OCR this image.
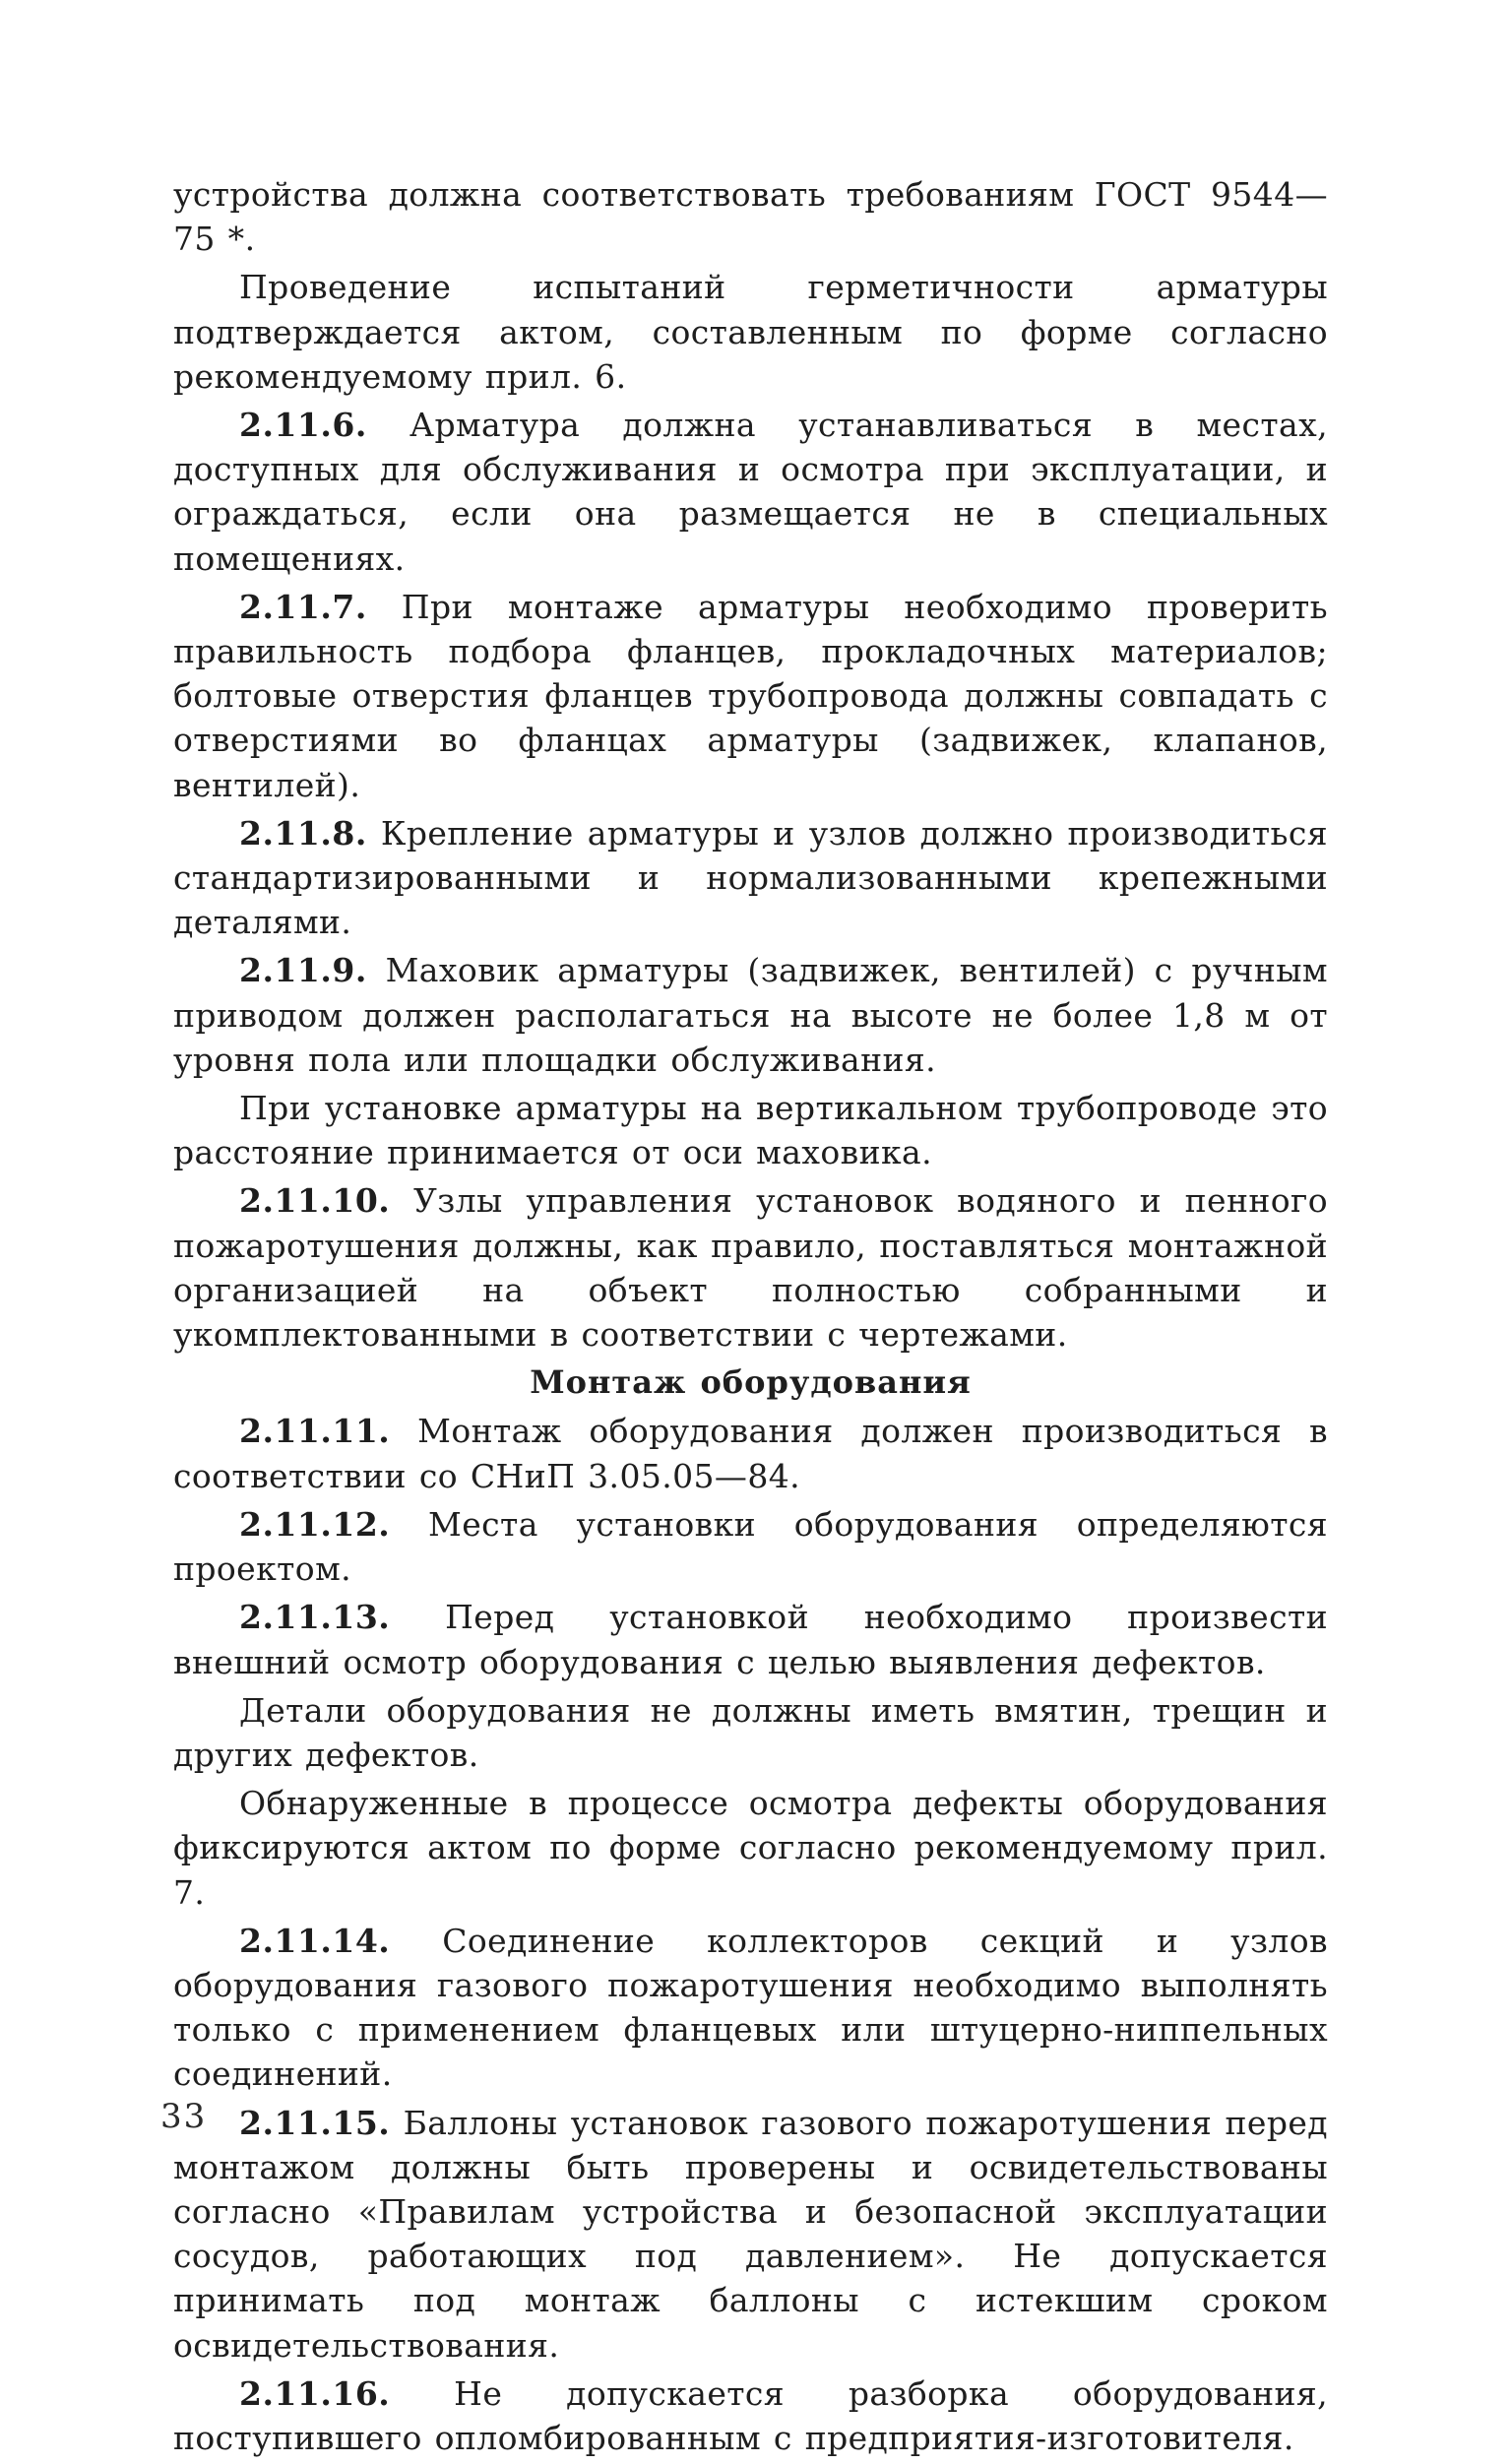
устройства должна соответствовать требованиям ГОСТ 9544—75 *.

Проведение испытаний герметичности арматуры подтверждается актом, составленным по форме согласно рекомендуемому прил. 6.

2.11.6. Арматура должна устанавливаться в местах, доступных для обслуживания и осмотра при эксплуатации, и ограждаться, если она размещается не в специальных помещениях.

2.11.7. При монтаже арматуры необходимо проверить правильность подбора фланцев, прокладочных материалов; болтовые отверстия фланцев трубопровода должны совпадать с отверстиями во фланцах арматуры (задвижек, клапанов, вентилей).

2.11.8. Крепление арматуры и узлов должно производиться стандартизированными и нормализованными крепежными деталями.

2.11.9. Маховик арматуры (задвижек, вентилей) с ручным приводом должен располагаться на высоте не более 1,8 м от уровня пола или площадки обслуживания.

При установке арматуры на вертикальном трубопроводе это расстояние принимается от оси маховика.

2.11.10. Узлы управления установок водяного и пенного пожаротушения должны, как правило, поставляться монтажной организацией на объект полностью собранными и укомплектованными в соответствии с чертежами.

Монтаж оборудования

2.11.11. Монтаж оборудования должен производиться в соответствии со СНиП 3.05.05—84.

2.11.12. Места установки оборудования определяются проектом.

2.11.13. Перед установкой необходимо произвести внешний осмотр оборудования с целью выявления дефектов.

Детали оборудования не должны иметь вмятин, трещин и других дефектов.

Обнаруженные в процессе осмотра дефекты оборудования фиксируются актом по форме согласно рекомендуемому прил. 7.

2.11.14. Соединение коллекторов секций и узлов оборудования газового пожаротушения необходимо выполнять только с применением фланцевых или штуцерно-ниппельных соединений.

2.11.15. Баллоны установок газового пожаротушения перед монтажом должны быть проверены и освидетельствованы согласно «Правилам устройства и безопасной эксплуатации сосудов, работающих под давлением». Не допускается принимать под монтаж баллоны с истекшим сроком освидетельствования.

2.11.16. Не допускается разборка оборудования, поступившего опломбированным с предприятия-изготовителя.

33
